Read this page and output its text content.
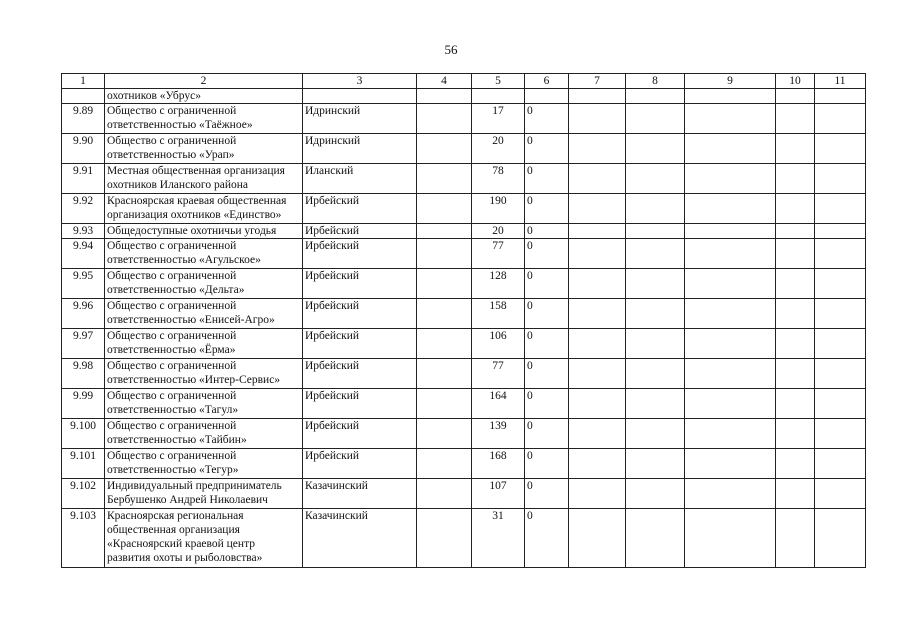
56
1	2	3	4	5	6	7	8	9	10	11
	охотников «Убрус»									
9.89	Общество с ограниченной ответственностью «Таёжное»	Идринский		17	0					
9.90	Общество с ограниченной ответственностью «Урап»	Идринский		20	0					
9.91	Местная общественная организация охотников Иланского района	Иланский		78	0					
9.92	Красноярская краевая общественная организация охотников «Единство»	Ирбейский		190	0					
9.93	Общедоступные охотничьи угодья	Ирбейский		20	0					
9.94	Общество с ограниченной ответственностью «Агульское»	Ирбейский		77	0					
9.95	Общество с ограниченной ответственностью «Дельта»	Ирбейский		128	0					
9.96	Общество с ограниченной ответственностью «Енисей-Агро»	Ирбейский		158	0					
9.97	Общество с ограниченной ответственностью «Ёрма»	Ирбейский		106	0					
9.98	Общество с ограниченной ответственностью «Интер-Сервис»	Ирбейский		77	0					
9.99	Общество с ограниченной ответственностью «Тагул»	Ирбейский		164	0					
9.100	Общество с ограниченной ответственностью «Тайбин»	Ирбейский		139	0					
9.101	Общество с ограниченной ответственностью «Тегур»	Ирбейский		168	0					
9.102	Индивидуальный предприниматель Бербушенко Андрей Николаевич	Казачинский		107	0					
9.103	Красноярская региональная общественная организация «Красноярский краевой центр развития охоты и рыболовства»	Казачинский		31	0					
